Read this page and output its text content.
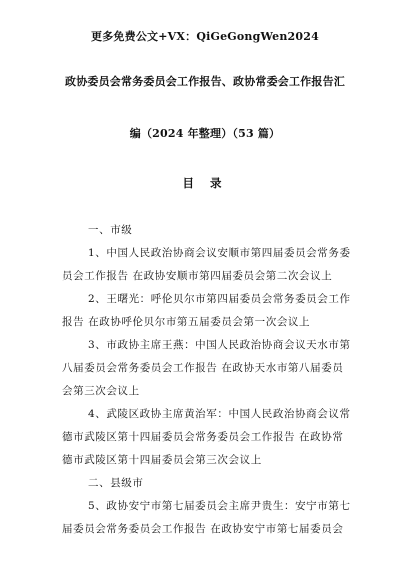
更多免费公文+VX：QiGeGongWen2024
政协委员会常务委员会工作报告、政协常委会工作报告汇
编（2024 年整理）（53 篇）
目 录
一、市级
1、中国人民政治协商会议安顺市第四届委员会常务委
员会工作报告 在政协安顺市第四届委员会第二次会议上
2、王曙光：呼伦贝尔市第四届委员会常务委员会工作
报告 在政协呼伦贝尔市第五届委员会第一次会议上
3、市政协主席王燕：中国人民政治协商会议天水市第
八届委员会常务委员会工作报告 在政协天水市第八届委员
会第三次会议上
4、武陵区政协主席黄治军：中国人民政治协商会议常
德市武陵区第十四届委员会常务委员会工作报告 在政协常
德市武陵区第十四届委员会第三次会议上
二、县级市
5、政协安宁市第七届委员会主席尹贵生：安宁市第七
届委员会常务委员会工作报告 在政协安宁市第七届委员会
